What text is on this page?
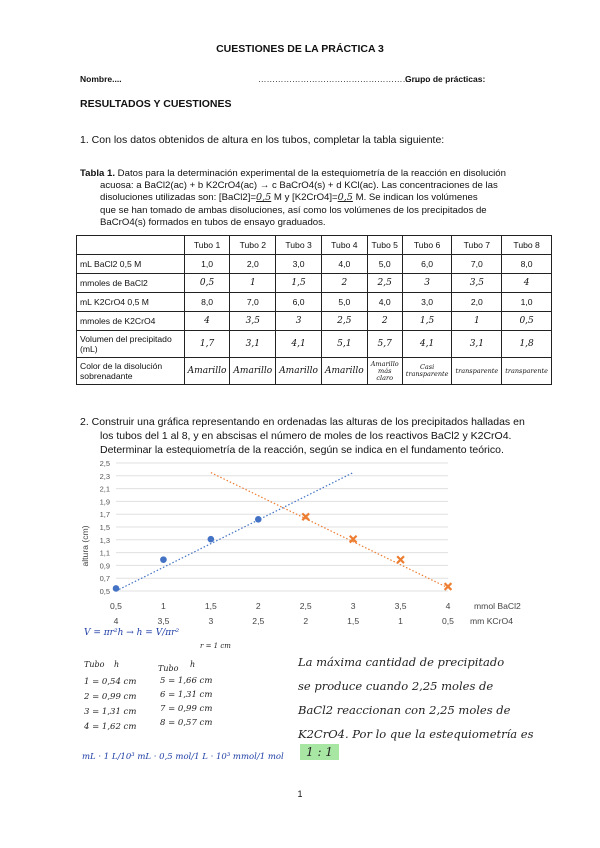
CUESTIONES DE LA PRÁCTICA 3
Nombre....	……………………………………………………
Grupo de prácticas:
RESULTADOS Y CUESTIONES
1. Con los datos obtenidos de altura en los tubos, completar la tabla siguiente:
Tabla 1. Datos para la determinación experimental de la estequiometría de la reacción en disolución
acuosa: a BaCl2(ac) + b K2CrO4(ac) → c BaCrO4(s) + d KCl(ac). Las concentraciones de las
disoluciones utilizadas son: [BaCl2]=0,5 M y [K2CrO4]=0,5 M. Se indican los volúmenes
que se han tomado de ambas disoluciones, así como los volúmenes de los precipitados de
BaCrO4(s) formados en tubos de ensayo graduados.
	Tubo 1	Tubo 2	Tubo 3	Tubo 4	Tubo 5	Tubo 6	Tubo 7	Tubo 8
mL BaCl2 0,5 M	1,0	2,0	3,0	4,0	5,0	6,0	7,0	8,0
mmoles de BaCl2	0,5	1	1,5	2	2,5	3	3,5	4
mL K2CrO4 0,5 M	8,0	7,0	6,0	5,0	4,0	3,0	2,0	1,0
mmoles de K2CrO4	4	3,5	3	2,5	2	1,5	1	0,5
Volumen del precipitado (mL)	1,7	3,1	4,1	5,1	5,7	4,1	3,1	1,8
Color de la disolución sobrenadante	Amarillo	Amarillo	Amarillo	Amarillo	Amarillo más claro	Casi transparente	transparente	transparente
2. Construir una gráfica representando en ordenadas las alturas de los precipitados halladas en
los tubos del 1 al 8, y en abscisas el número de moles de los reactivos BaCl2 y K2CrO4.
Determinar la estequiometría de la reacción, según se indica en el fundamento teórico.
2,5
2,3
2,1
1,9
1,7
1,5
1,3
1,1
0,9
0,7
0,5
0,5	1	1,5	2	2,5	3	3,5	4
4	3,5	3	2,5	2	1,5	1	0,5
altura (cm)
mmol BaCl2
mm KCrO4
V = πr²h → h = V/πr²
r = 1 cm
Tubo h
1 = 0,54 cm
2 = 0,99 cm
3 = 1,31 cm
4 = 1,62 cm
Tubo h
5 = 1,66 cm
6 = 1,31 cm
7 = 0,99 cm
8 = 0,57 cm
mL · 1 L/10³ mL · 0,5 mol/1 L · 10³ mmol/1 mol
La máxima cantidad de precipitado
se produce cuando 2,25 moles de
BaCl2 reaccionan con 2,25 moles de
K2CrO4. Por lo que la estequiometría es
1 : 1
1
